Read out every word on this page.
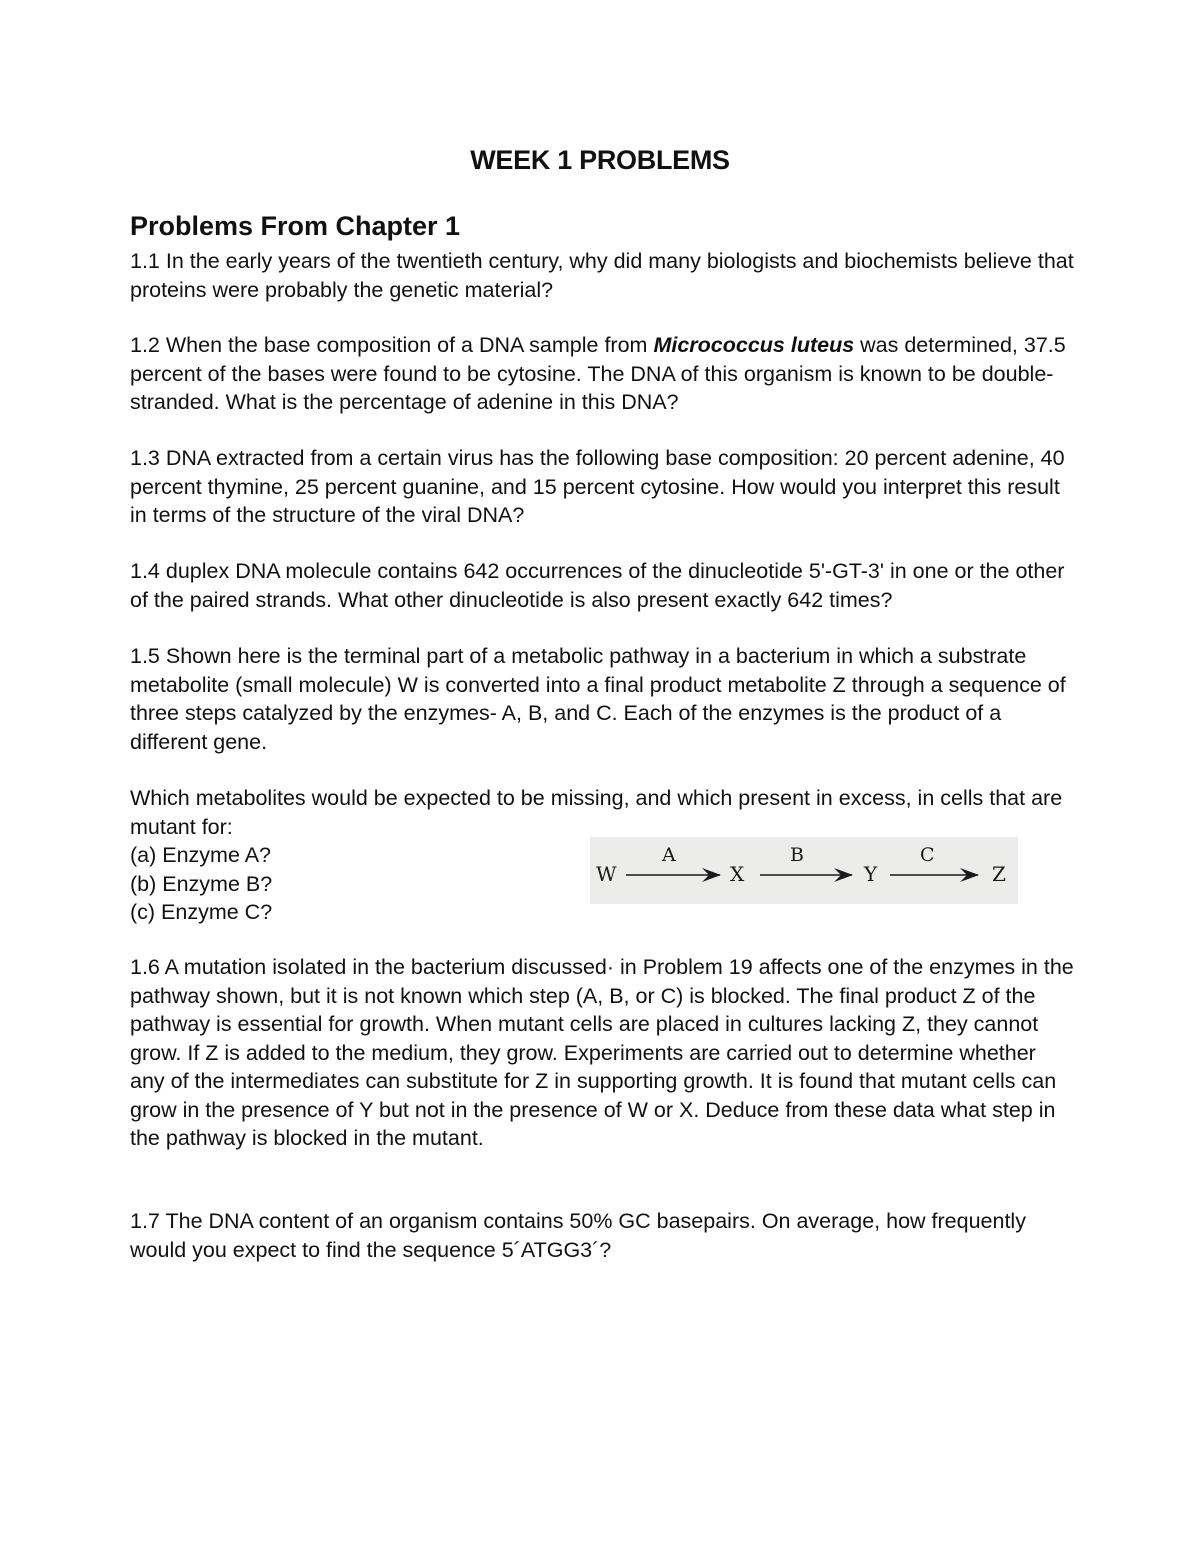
WEEK 1 PROBLEMS
Problems From Chapter 1

1.1 In the early years of the twentieth century, why did many biologists and biochemists believe that proteins were probably the genetic material?

1.2 When the base composition of a DNA sample from Micrococcus luteus was determined, 37.5 percent of the bases were found to be cytosine. The DNA of this organism is known to be double-stranded. What is the percentage of adenine in this DNA?

1.3 DNA extracted from a certain virus has the following base composition: 20 percent adenine, 40 percent thymine, 25 percent guanine, and 15 percent cytosine. How would you interpret this result in terms of the structure of the viral DNA?

1.4 duplex DNA molecule contains 642 occurrences of the dinucleotide 5'-GT-3' in one or the other of the paired strands. What other dinucleotide is also present exactly 642 times?

1.5 Shown here is the terminal part of a metabolic pathway in a bacterium in which a substrate metabolite (small molecule) W is converted into a final product metabolite Z through a sequence of three steps catalyzed by the enzymes- A, B, and C. Each of the enzymes is the product of a different gene.

Which metabolites would be expected to be missing, and which present in excess, in cells that are mutant for:

(a) Enzyme A?
(b) Enzyme B?
(c) Enzyme C?
W
A
X
B
Y
C
Z

1.6 A mutation isolated in the bacterium discussed· in Problem 19 affects one of the enzymes in the pathway shown, but it is not known which step (A, B, or C) is blocked. The final product Z of the pathway is essential for growth. When mutant cells are placed in cultures lacking Z, they cannot grow. If Z is added to the medium, they grow. Experiments are carried out to determine whether any of the intermediates can substitute for Z in supporting growth. It is found that mutant cells can grow in the presence of Y but not in the presence of W or X. Deduce from these data what step in the pathway is blocked in the mutant.

1.7 The DNA content of an organism contains 50% GC basepairs. On average, how frequently would you expect to find the sequence 5´ATGG3´?
